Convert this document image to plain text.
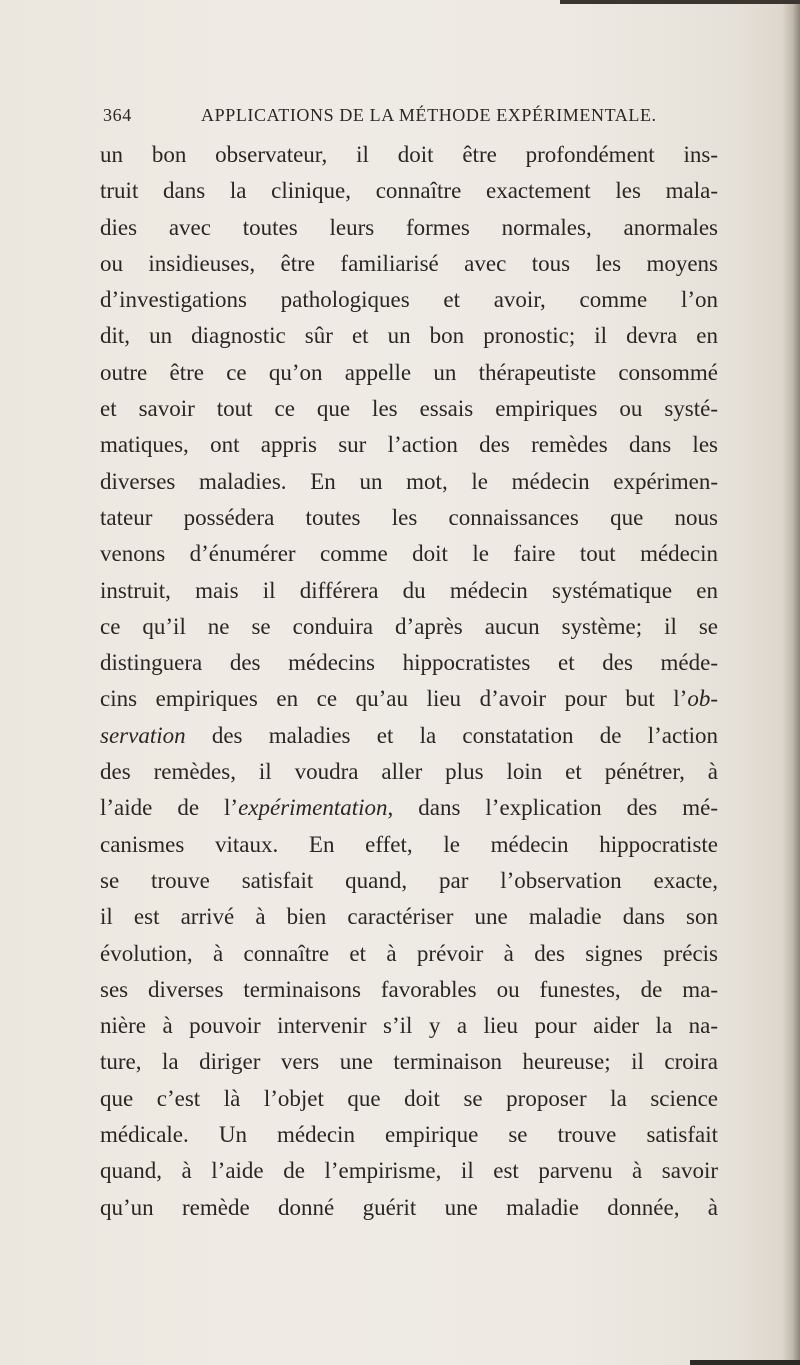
364	APPLICATIONS DE LA MÉTHODE EXPÉRIMENTALE.
un bon observateur, il doit être profondément ins-
truit dans la clinique, connaître exactement les mala-
dies avec toutes leurs formes normales, anormales
ou insidieuses, être familiarisé avec tous les moyens
d’investigations pathologiques et avoir, comme l’on
dit, un diagnostic sûr et un bon pronostic; il devra en
outre être ce qu’on appelle un thérapeutiste consommé
et savoir tout ce que les essais empiriques ou systé-
matiques, ont appris sur l’action des remèdes dans les
diverses maladies. En un mot, le médecin expérimen-
tateur possédera toutes les connaissances que nous
venons d’énumérer comme doit le faire tout médecin
instruit, mais il différera du médecin systématique en
ce qu’il ne se conduira d’après aucun système; il se
distinguera des médecins hippocratistes et des méde-
cins empiriques en ce qu’au lieu d’avoir pour but l’ob-
servation des maladies et la constatation de l’action
des remèdes, il voudra aller plus loin et pénétrer, à
l’aide de l’expérimentation, dans l’explication des mé-
canismes vitaux. En effet, le médecin hippocratiste
se trouve satisfait quand, par l’observation exacte,
il est arrivé à bien caractériser une maladie dans son
évolution, à connaître et à prévoir à des signes précis
ses diverses terminaisons favorables ou funestes, de ma-
nière à pouvoir intervenir s’il y a lieu pour aider la na-
ture, la diriger vers une terminaison heureuse; il croira
que c’est là l’objet que doit se proposer la science
médicale. Un médecin empirique se trouve satisfait
quand, à l’aide de l’empirisme, il est parvenu à savoir
qu’un remède donné guérit une maladie donnée, à
